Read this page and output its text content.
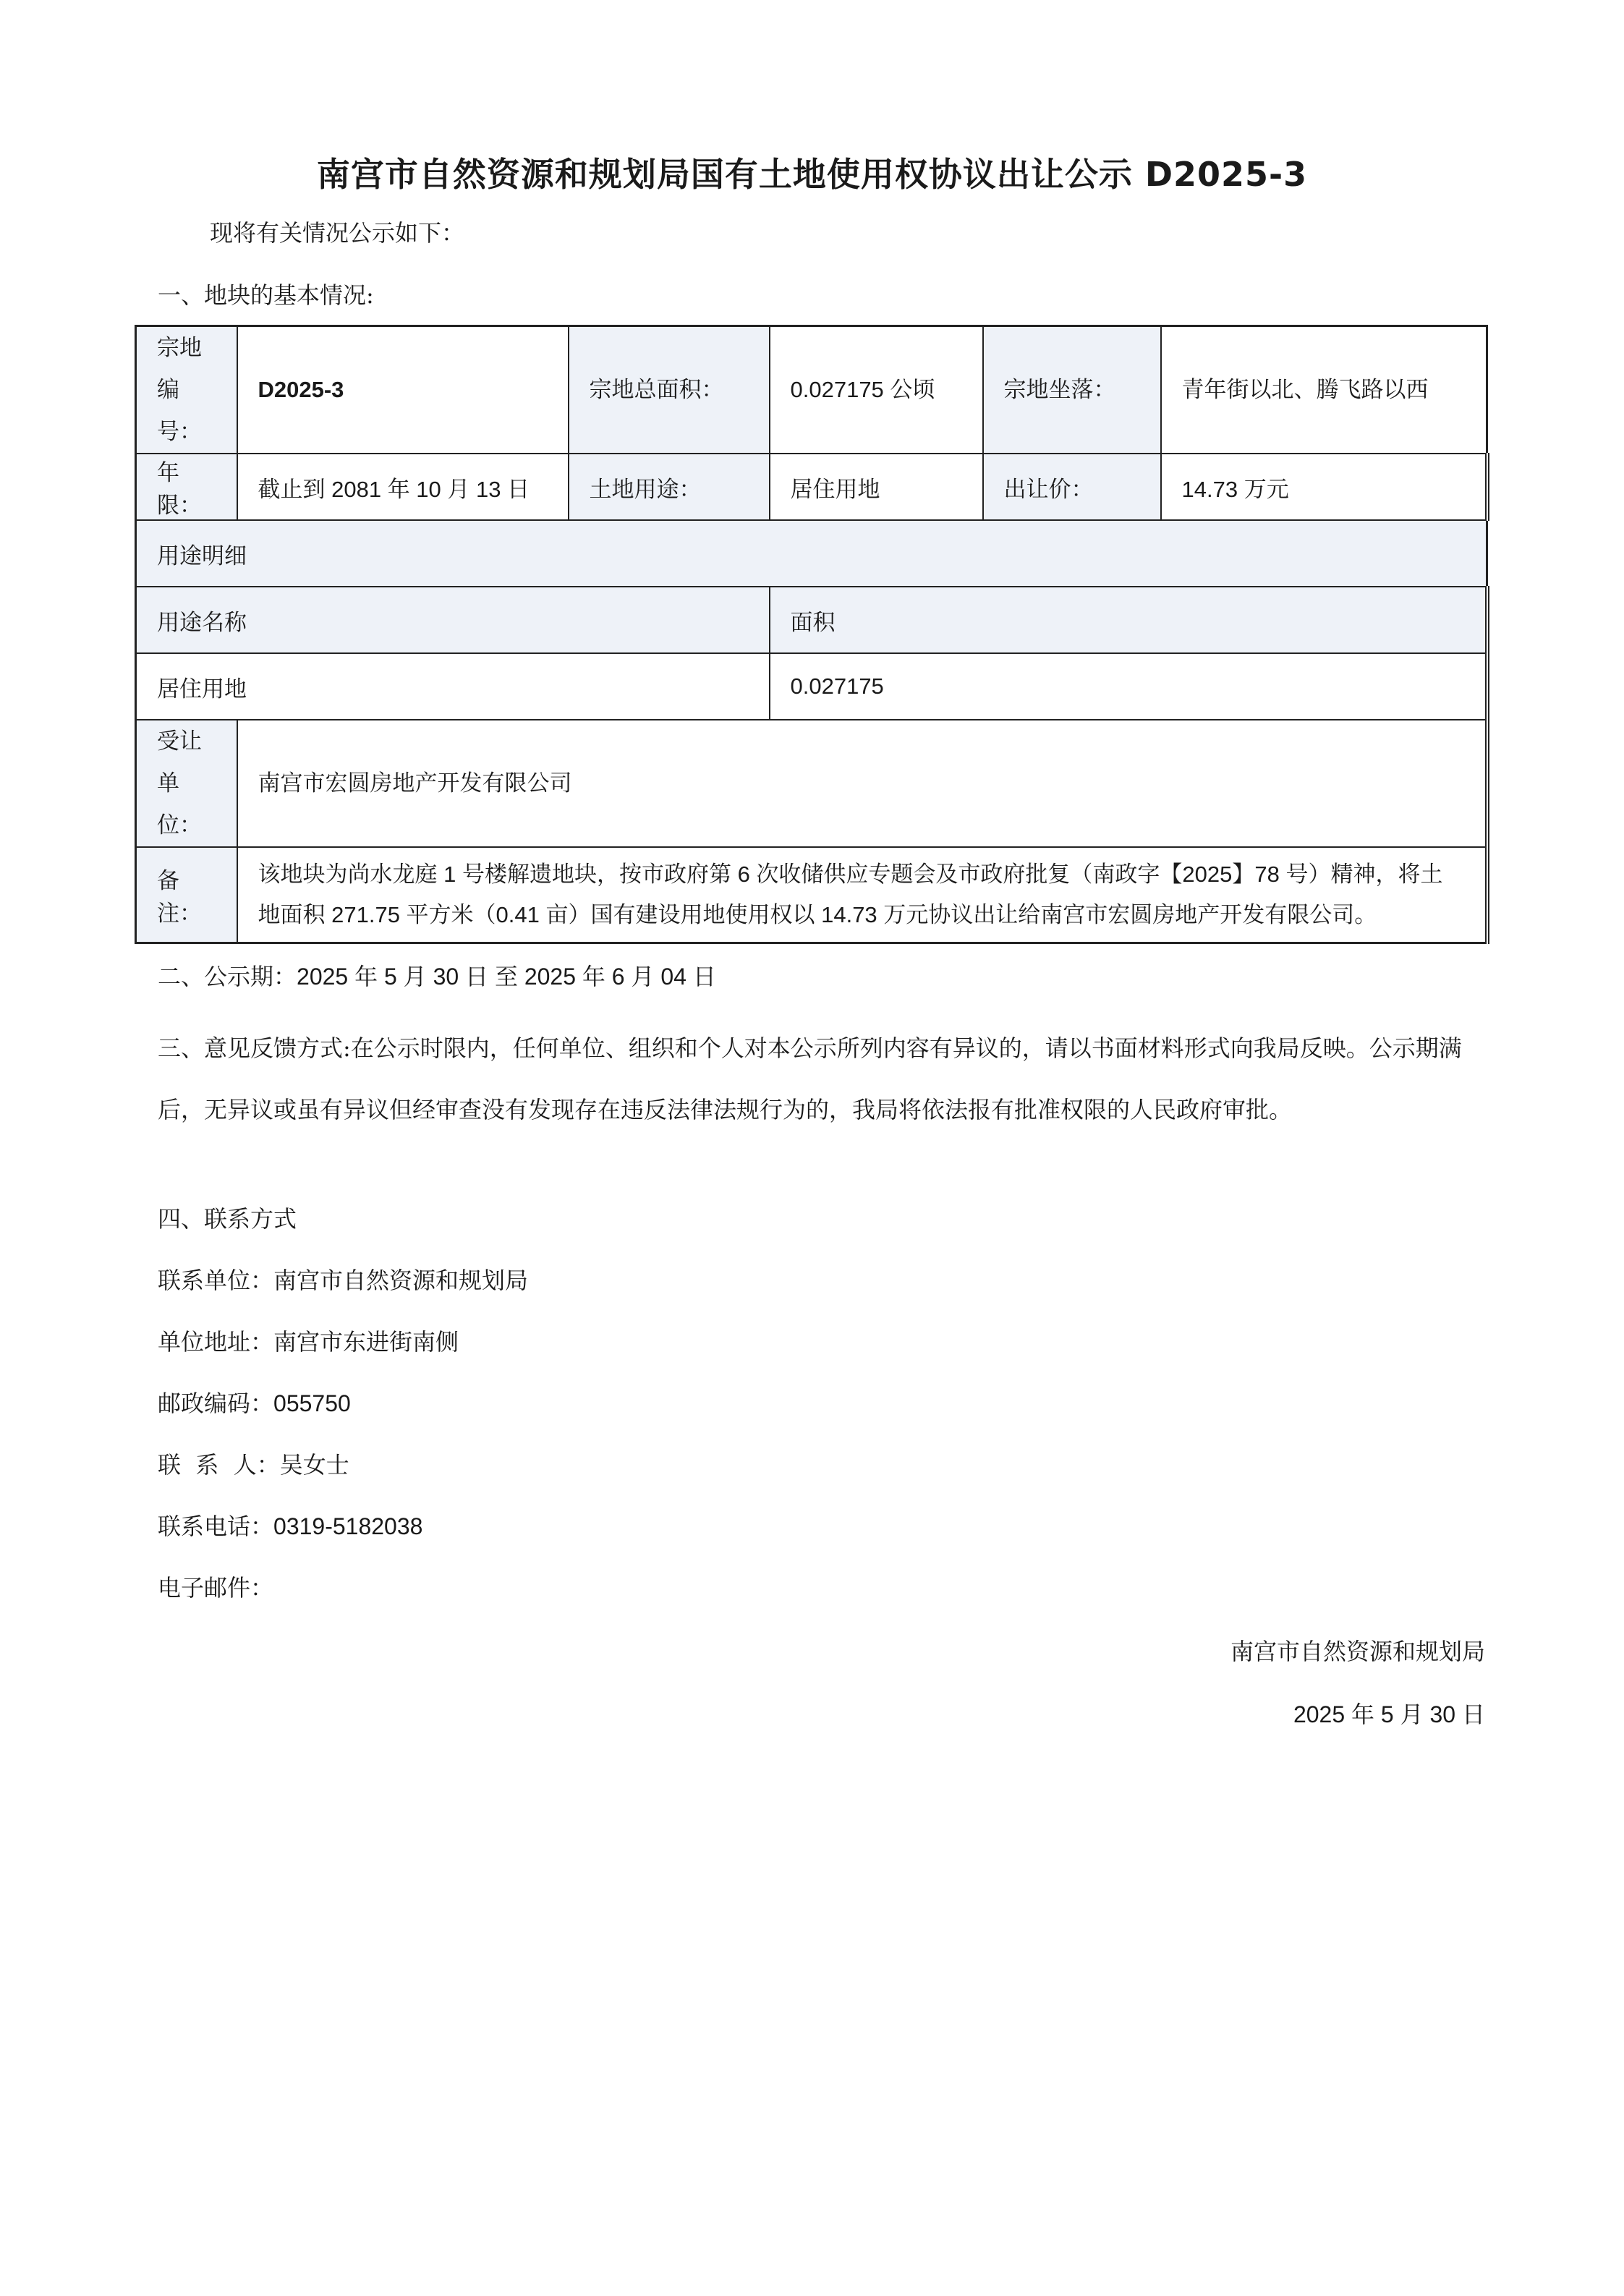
南宫市自然资源和规划局国有土地使用权协议出让公示 D2025-3
现将有关情况公示如下：
一、地块的基本情况:
宗地编号：	D2025-3	宗地总面积：	0.027175 公顷	宗地坐落：	青年街以北、腾飞路以西
年限：	截止到 2081 年 10 月 13 日	土地用途：	居住用地	出让价：	14.73 万元
用途明细					
用途名称			面积		
居住用地			0.027175		
受让单位：	南宫市宏圆房地产开发有限公司				
备注：	该地块为尚水龙庭 1 号楼解遗地块，按市政府第 6 次收储供应专题会及市政府批复（南政字【2025】78 号）精神，将土地面积 271.75 平方米（0.41 亩）国有建设用地使用权以 14.73 万元协议出让给南宫市宏圆房地产开发有限公司。				
二、公示期：2025 年 5 月 30 日 至 2025 年 6 月 04 日
三、意见反馈方式:在公示时限内，任何单位、组织和个人对本公示所列内容有异议的，请以书面材料形式向我局反映。公示期满后，无异议或虽有异议但经审查没有发现存在违反法律法规行为的，我局将依法报有批准权限的人民政府审批。
四、联系方式
联系单位：南宫市自然资源和规划局
单位地址：南宫市东进街南侧
邮政编码：055750
联  系  人：吴女士
联系电话：0319-5182038
电子邮件：
南宫市自然资源和规划局
2025 年 5 月 30 日
